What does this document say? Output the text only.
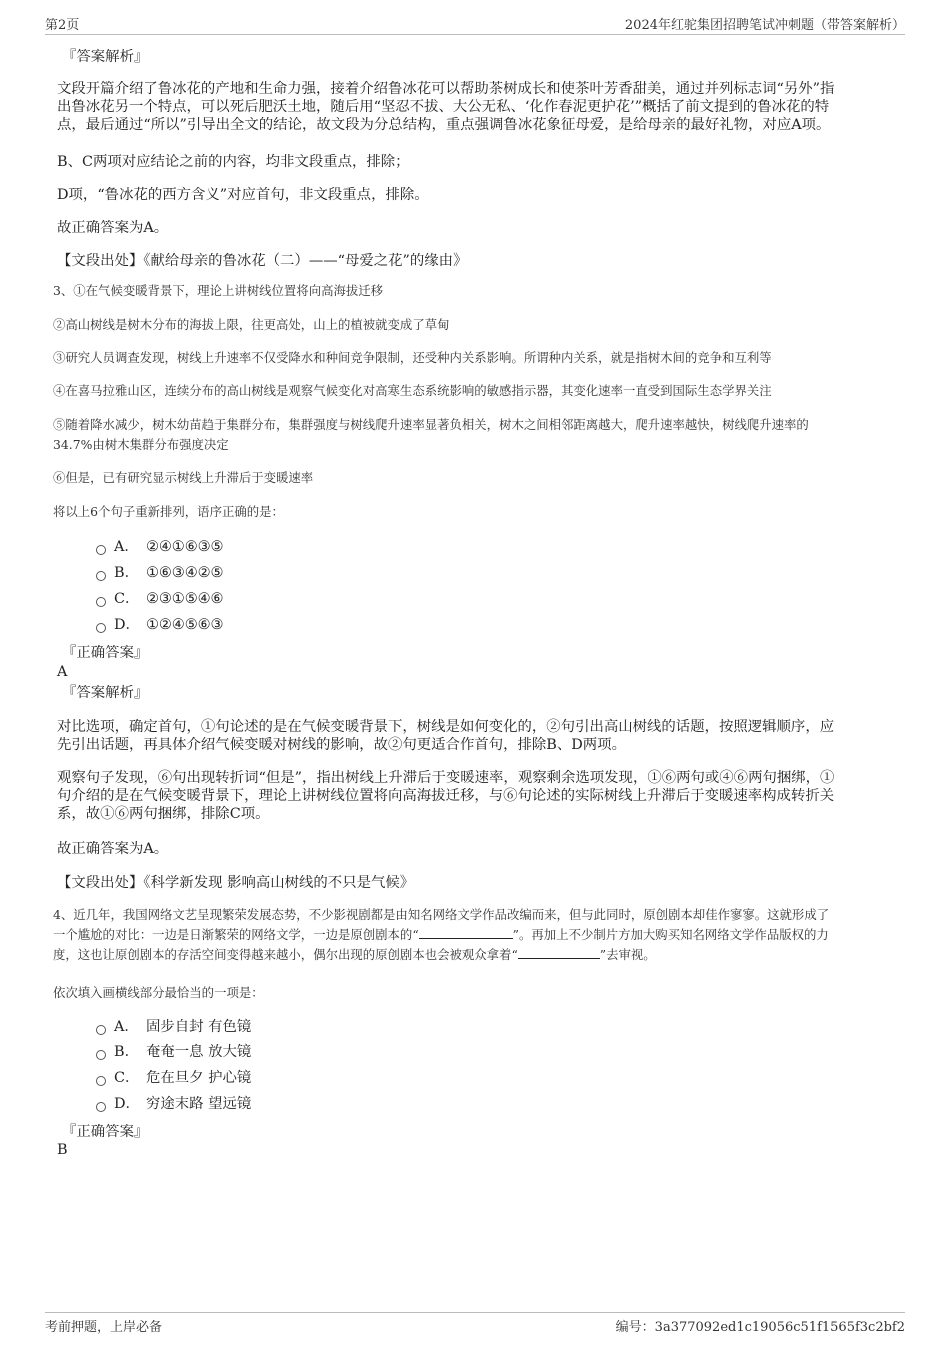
第2页	2024年红驼集团招聘笔试冲刺题（带答案解析）
『答案解析』
文段开篇介绍了鲁冰花的产地和生命力强，接着介绍鲁冰花可以帮助茶树成长和使茶叶芳香甜美，通过并列标志词“另外”指
出鲁冰花另一个特点，可以死后肥沃土地，随后用“坚忍不拔、大公无私、‘化作春泥更护花’”概括了前文提到的鲁冰花的特
点，最后通过“所以”引导出全文的结论，故文段为分总结构，重点强调鲁冰花象征母爱，是给母亲的最好礼物，对应A项。
B、C两项对应结论之前的内容，均非文段重点，排除；
D项，“鲁冰花的西方含义”对应首句，非文段重点，排除。
故正确答案为A。
【文段出处】《献给母亲的鲁冰花（二）——“母爱之花”的缘由》
3、①在气候变暖背景下，理论上讲树线位置将向高海拔迁移
②高山树线是树木分布的海拔上限，往更高处，山上的植被就变成了草甸
③研究人员调查发现，树线上升速率不仅受降水和种间竞争限制，还受种内关系影响。所谓种内关系，就是指树木间的竞争和互利等
④在喜马拉雅山区，连续分布的高山树线是观察气候变化对高寒生态系统影响的敏感指示器，其变化速率一直受到国际生态学界关注
⑤随着降水减少，树木幼苗趋于集群分布，集群强度与树线爬升速率显著负相关，树木之间相邻距离越大，爬升速率越快，树线爬升速率的
34.7%由树木集群分布强度决定
⑥但是，已有研究显示树线上升滞后于变暖速率
将以上6个句子重新排列，语序正确的是：
A． ②④①⑥③⑤
B． ①⑥③④②⑤
C． ②③①⑤④⑥
D． ①②④⑤⑥③
『正确答案』
A
『答案解析』
对比选项，确定首句，①句论述的是在气候变暖背景下，树线是如何变化的，②句引出高山树线的话题，按照逻辑顺序，应
先引出话题，再具体介绍气候变暖对树线的影响，故②句更适合作首句，排除B、D两项。
观察句子发现，⑥句出现转折词“但是”，指出树线上升滞后于变暖速率，观察剩余选项发现，①⑥两句或④⑥两句捆绑，①
句介绍的是在气候变暖背景下，理论上讲树线位置将向高海拔迁移，与⑥句论述的实际树线上升滞后于变暖速率构成转折关
系，故①⑥两句捆绑，排除C项。
故正确答案为A。
【文段出处】《科学新发现 影响高山树线的不只是气候》
4、近几年，我国网络文艺呈现繁荣发展态势，不少影视剧都是由知名网络文学作品改编而来，但与此同时，原创剧本却佳作寥寥。这就形成了
一个尴尬的对比：一边是日渐繁荣的网络文学，一边是原创剧本的“	”。再加上不少制片方加大购买知名网络文学作品版权的力
度，这也让原创剧本的存活空间变得越来越小，偶尔出现的原创剧本也会被观众拿着“	”去审视。
依次填入画横线部分最恰当的一项是：
A． 固步自封 有色镜
B． 奄奄一息 放大镜
C． 危在旦夕 护心镜
D． 穷途末路 望远镜
『正确答案』
B
考前押题，上岸必备	编号：3a377092ed1c19056c51f1565f3c2bf2
